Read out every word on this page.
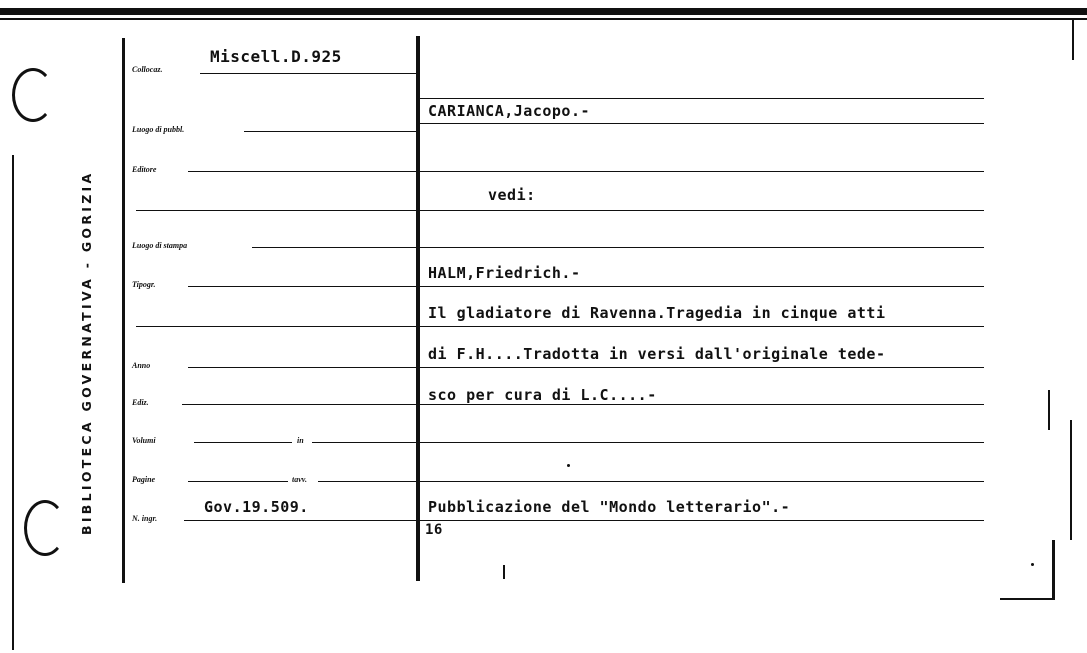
BIBLIOTECA GOVERNATIVA - GORIZIA
Collocaz.
Miscell.D.925
Luogo di pubbl.
Editore
Luogo di stampa
Tipogr.
Anno
Ediz.
Volumi	in
Pagine	tavv.
N. ingr.
Gov.19.509.
CARIANCA,Jacopo.-
vedi:
HALM,Friedrich.-
Il gladiatore di Ravenna.Tragedia in cinque atti
di F.H....Tradotta in versi dall'originale tede-
sco per cura di L.C....-
Pubblicazione del "Mondo letterario".-
16
